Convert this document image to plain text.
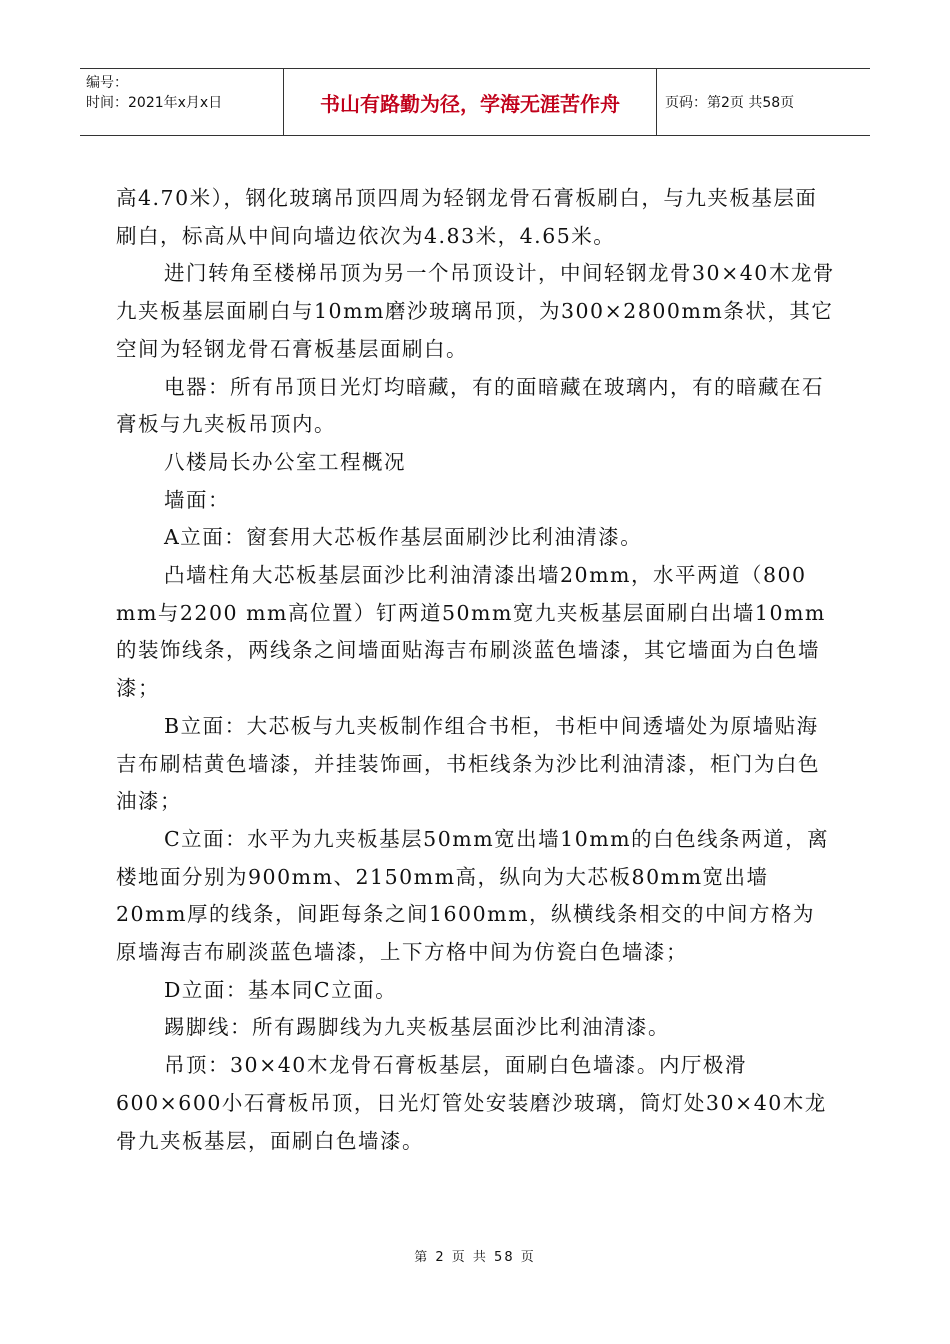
编号：
时间：2021年x月x日	书山有路勤为径，学海无涯苦作舟	页码：第2页 共58页

高4.70米），钢化玻璃吊顶四周为轻钢龙骨石膏板刷白，与九夹板基层面刷白，标高从中间向墙边依次为4.83米，4.65米。

进门转角至楼梯吊顶为另一个吊顶设计，中间轻钢龙骨30×40木龙骨九夹板基层面刷白与10mm磨沙玻璃吊顶，为300×2800mm条状，其它空间为轻钢龙骨石膏板基层面刷白。

电器：所有吊顶日光灯均暗藏，有的面暗藏在玻璃内，有的暗藏在石膏板与九夹板吊顶内。

八楼局长办公室工程概况

墙面：

A立面：窗套用大芯板作基层面刷沙比利油清漆。

凸墙柱角大芯板基层面沙比利油清漆出墙20mm，水平两道（800 mm与2200 mm高位置）钉两道50mm宽九夹板基层面刷白出墙10mm的装饰线条，两线条之间墙面贴海吉布刷淡蓝色墙漆，其它墙面为白色墙漆；

B立面：大芯板与九夹板制作组合书柜，书柜中间透墙处为原墙贴海吉布刷桔黄色墙漆，并挂装饰画，书柜线条为沙比利油清漆，柜门为白色油漆；

C立面：水平为九夹板基层50mm宽出墙10mm的白色线条两道，离楼地面分别为900mm、2150mm高，纵向为大芯板80mm宽出墙20mm厚的线条，间距每条之间1600mm，纵横线条相交的中间方格为原墙海吉布刷淡蓝色墙漆，上下方格中间为仿瓷白色墙漆；

D立面：基本同C立面。

踢脚线：所有踢脚线为九夹板基层面沙比利油清漆。

吊顶：30×40木龙骨石膏板基层，面刷白色墙漆。内厅极滑600×600小石膏板吊顶，日光灯管处安装磨沙玻璃，筒灯处30×40木龙骨九夹板基层，面刷白色墙漆。

第 2 页 共 58 页
